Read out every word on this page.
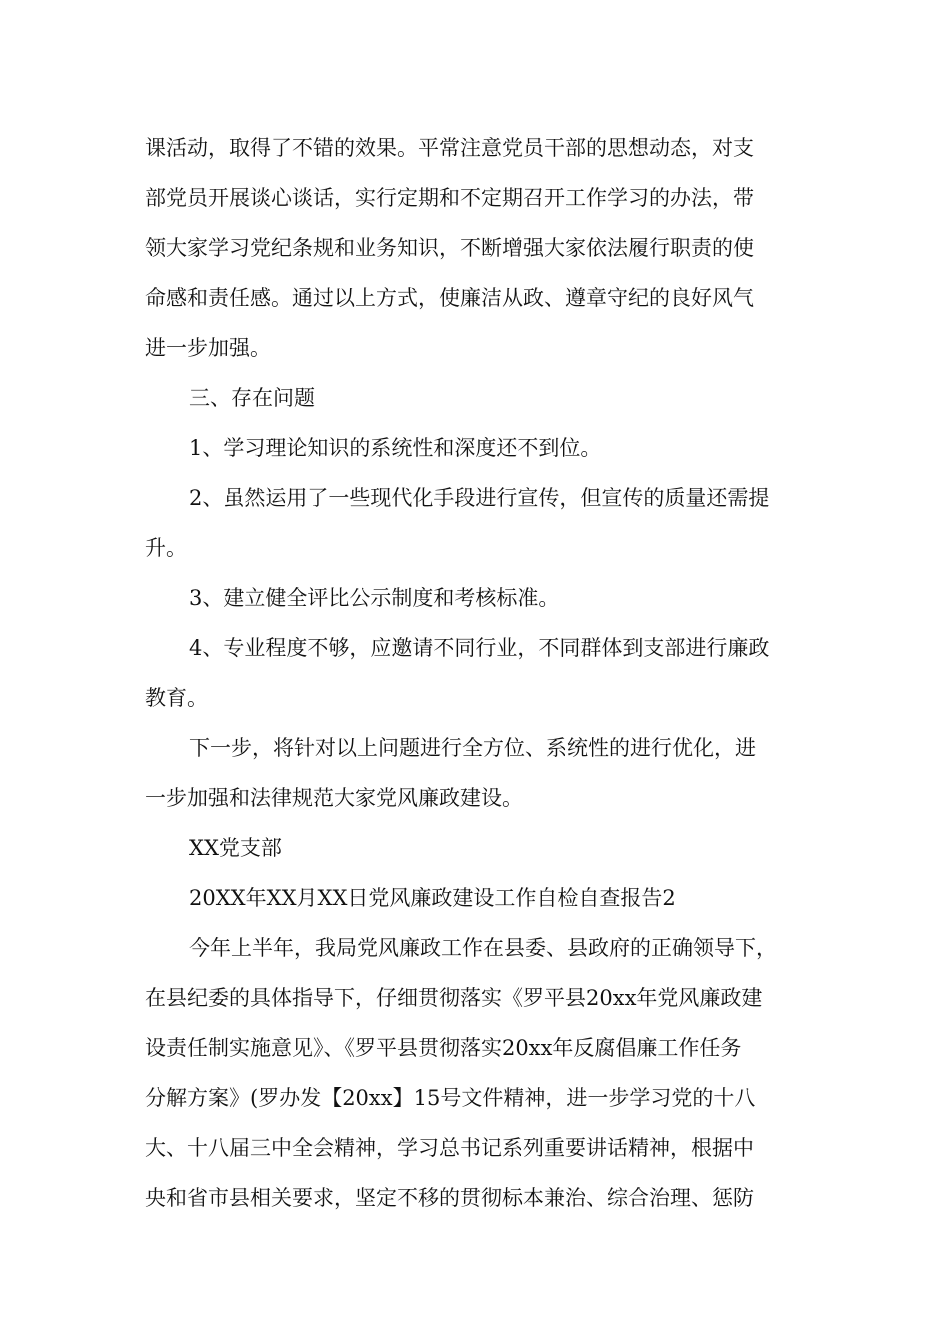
课活动，取得了不错的效果。平常注意党员干部的思想动态，对支

部党员开展谈心谈话，实行定期和不定期召开工作学习的办法，带

领大家学习党纪条规和业务知识，不断增强大家依法履行职责的使

命感和责任感。通过以上方式，使廉洁从政、遵章守纪的良好风气

进一步加强。

三、存在问题

1、学习理论知识的系统性和深度还不到位。

2、虽然运用了一些现代化手段进行宣传，但宣传的质量还需提

升。

3、建立健全评比公示制度和考核标准。

4、专业程度不够，应邀请不同行业，不同群体到支部进行廉政

教育。

下一步，将针对以上问题进行全方位、系统性的进行优化，进

一步加强和法律规范大家党风廉政建设。

XX党支部

20XX年XX月XX日党风廉政建设工作自检自查报告2

今年上半年，我局党风廉政工作在县委、县政府的正确领导下，

在县纪委的具体指导下，仔细贯彻落实《罗平县20xx年党风廉政建

设责任制实施意见》、《罗平县贯彻落实20xx年反腐倡廉工作任务

分解方案》(罗办发【20xx】15号文件精神，进一步学习党的十八

大、十八届三中全会精神，学习总书记系列重要讲话精神，根据中

央和省市县相关要求，坚定不移的贯彻标本兼治、综合治理、惩防
